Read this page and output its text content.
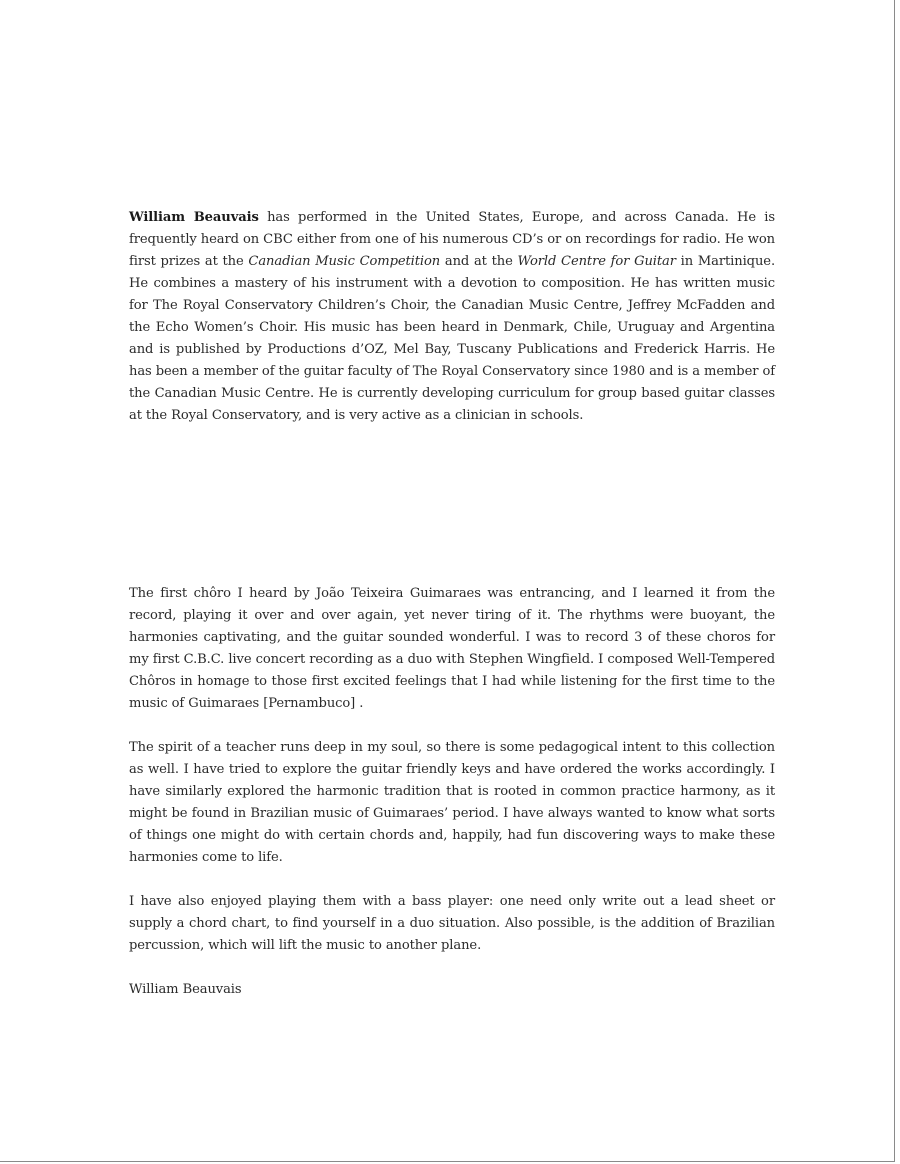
William Beauvais has performed in the United States, Europe, and across Canada. He is frequently heard on CBC either from one of his numerous CD’s or on recordings for radio. He won first prizes at the Canadian Music Competition and at the World Centre for Guitar in Martinique. He combines a mastery of his instrument with a devotion to composition. He has written music for The Royal Conservatory Children’s Choir, the Canadian Music Centre, Jeffrey McFadden and the Echo Women’s Choir. His music has been heard in Denmark, Chile, Uruguay and Argentina and is published by Productions d’OZ, Mel Bay, Tuscany Publications and Frederick Harris. He has been a member of the guitar faculty of The Royal Conservatory since 1980 and is a member of the Canadian Music Centre. He is currently developing curriculum for group based guitar classes at the Royal Conservatory, and is very active as a clinician in schools.

The first chôro I heard by João Teixeira Guimaraes was entrancing, and I learned it from the record, playing it over and over again, yet never tiring of it. The rhythms were buoyant, the harmonies captivating, and the guitar sounded wonderful. I was to record 3 of these choros for my first C.B.C. live concert recording as a duo with Stephen Wingfield. I composed Well-Tempered Chôros in homage to those first excited feelings that I had while listening for the first time to the music of Guimaraes [Pernambuco] .

The spirit of a teacher runs deep in my soul, so there is some pedagogical intent to this collection as well. I have tried to explore the guitar friendly keys and have ordered the works accordingly. I have similarly explored the harmonic tradition that is rooted in common practice harmony, as it might be found in Brazilian music of Guimaraes’ period. I have always wanted to know what sorts of things one might do with certain chords and, happily, had fun discovering ways to make these harmonies come to life.

I have also enjoyed playing them with a bass player: one need only write out a lead sheet or supply a chord chart, to find yourself in a duo situation. Also possible, is the addition of Brazilian percussion, which will lift the music to another plane.

William Beauvais
